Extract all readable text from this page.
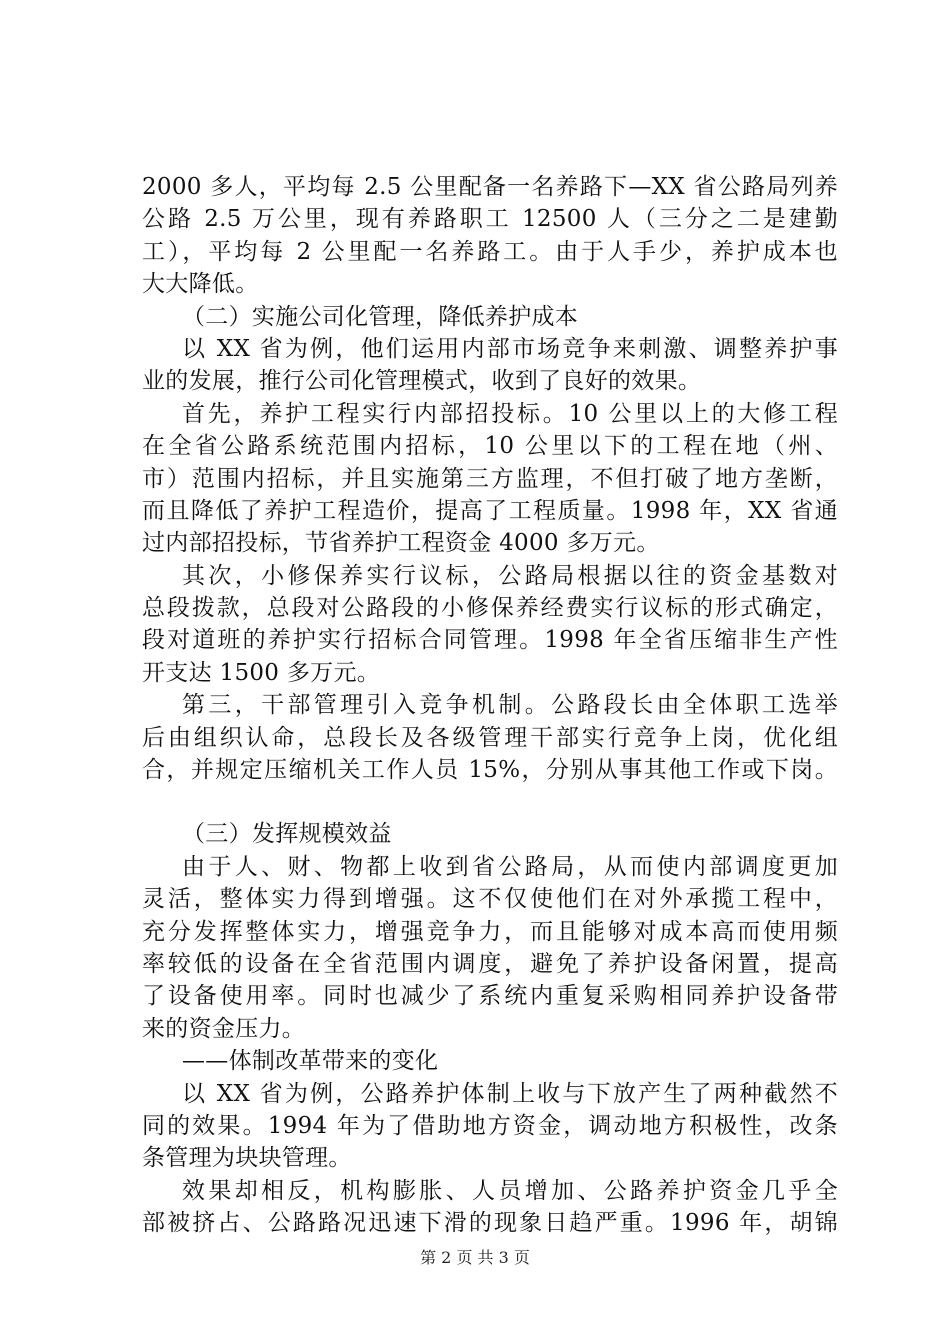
2000 多人，平均每 2.5 公里配备一名养路下—XX 省公路局列养
公路 2.5 万公里，现有养路职工 12500 人（三分之二是建勤
工），平均每 2 公里配一名养路工。由于人手少，养护成本也
大大降低。
（二）实施公司化管理，降低养护成本
以 XX 省为例，他们运用内部市场竞争来刺激、调整养护事
业的发展，推行公司化管理模式，收到了良好的效果。
首先，养护工程实行内部招投标。10 公里以上的大修工程
在全省公路系统范围内招标，10 公里以下的工程在地（州、
市）范围内招标，并且实施第三方监理，不但打破了地方垄断，
而且降低了养护工程造价，提高了工程质量。1998 年，XX 省通
过内部招投标，节省养护工程资金 4000 多万元。
其次，小修保养实行议标，公路局根据以往的资金基数对
总段拨款，总段对公路段的小修保养经费实行议标的形式确定，
段对道班的养护实行招标合同管理。1998 年全省压缩非生产性
开支达 1500 多万元。
第三，干部管理引入竞争机制。公路段长由全体职工选举
后由组织认命，总段长及各级管理干部实行竞争上岗，优化组
合，并规定压缩机关工作人员 15%，分别从事其他工作或下岗。
（三）发挥规模效益
由于人、财、物都上收到省公路局，从而使内部调度更加
灵活，整体实力得到增强。这不仅使他们在对外承揽工程中，
充分发挥整体实力，增强竞争力，而且能够对成本高而使用频
率较低的设备在全省范围内调度，避免了养护设备闲置，提高
了设备使用率。同时也减少了系统内重复采购相同养护设备带
来的资金压力。
——体制改革带来的变化
以 XX 省为例，公路养护体制上收与下放产生了两种截然不
同的效果。1994 年为了借助地方资金，调动地方积极性，改条
条管理为块块管理。
效果却相反，机构膨胀、人员增加、公路养护资金几乎全
部被挤占、公路路况迅速下滑的现象日趋严重。1996 年，胡锦
第 2 页 共 3 页
